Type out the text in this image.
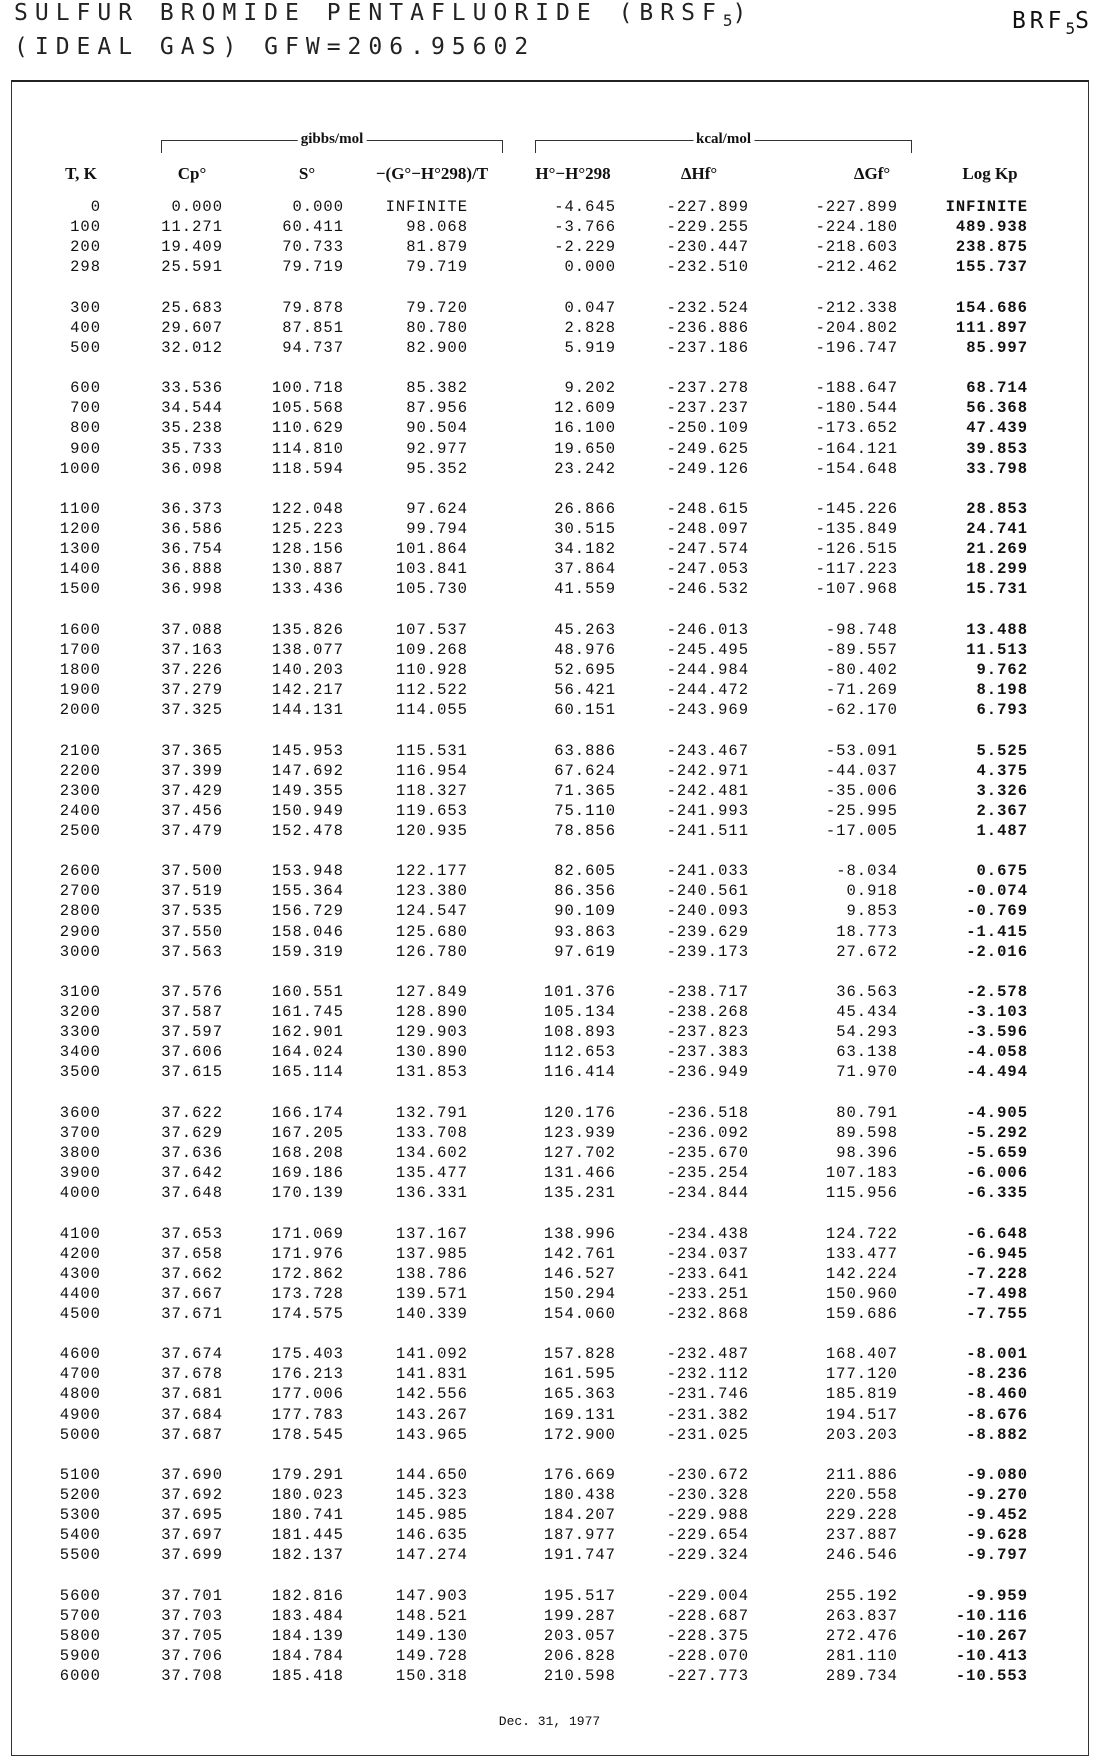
SULFUR BROMIDE PENTAFLUORIDE $(BRSF_5)$
(IDEAL GAS) GFW=206.95602
$BRF_5S$
gibbs/mol	kcal/mol
T, K	Cp°	S°	−(G°−H°298)/T	H°−H°298	ΔHf°	ΔGf°	Log Kp
0	0.000	0.000	INFINITE	-4.645	-227.899	-227.899	INFINITE
100	11.271	60.411	98.068	-3.766	-229.255	-224.180	489.938
200	19.409	70.733	81.879	-2.229	-230.447	-218.603	238.875
298	25.591	79.719	79.719	0.000	-232.510	-212.462	155.737
300	25.683	79.878	79.720	0.047	-232.524	-212.338	154.686
400	29.607	87.851	80.780	2.828	-236.886	-204.802	111.897
500	32.012	94.737	82.900	5.919	-237.186	-196.747	85.997
600	33.536	100.718	85.382	9.202	-237.278	-188.647	68.714
700	34.544	105.568	87.956	12.609	-237.237	-180.544	56.368
800	35.238	110.629	90.504	16.100	-250.109	-173.652	47.439
900	35.733	114.810	92.977	19.650	-249.625	-164.121	39.853
1000	36.098	118.594	95.352	23.242	-249.126	-154.648	33.798
1100	36.373	122.048	97.624	26.866	-248.615	-145.226	28.853
1200	36.586	125.223	99.794	30.515	-248.097	-135.849	24.741
1300	36.754	128.156	101.864	34.182	-247.574	-126.515	21.269
1400	36.888	130.887	103.841	37.864	-247.053	-117.223	18.299
1500	36.998	133.436	105.730	41.559	-246.532	-107.968	15.731
1600	37.088	135.826	107.537	45.263	-246.013	-98.748	13.488
1700	37.163	138.077	109.268	48.976	-245.495	-89.557	11.513
1800	37.226	140.203	110.928	52.695	-244.984	-80.402	9.762
1900	37.279	142.217	112.522	56.421	-244.472	-71.269	8.198
2000	37.325	144.131	114.055	60.151	-243.969	-62.170	6.793
2100	37.365	145.953	115.531	63.886	-243.467	-53.091	5.525
2200	37.399	147.692	116.954	67.624	-242.971	-44.037	4.375
2300	37.429	149.355	118.327	71.365	-242.481	-35.006	3.326
2400	37.456	150.949	119.653	75.110	-241.993	-25.995	2.367
2500	37.479	152.478	120.935	78.856	-241.511	-17.005	1.487
2600	37.500	153.948	122.177	82.605	-241.033	-8.034	0.675
2700	37.519	155.364	123.380	86.356	-240.561	0.918	-0.074
2800	37.535	156.729	124.547	90.109	-240.093	9.853	-0.769
2900	37.550	158.046	125.680	93.863	-239.629	18.773	-1.415
3000	37.563	159.319	126.780	97.619	-239.173	27.672	-2.016
3100	37.576	160.551	127.849	101.376	-238.717	36.563	-2.578
3200	37.587	161.745	128.890	105.134	-238.268	45.434	-3.103
3300	37.597	162.901	129.903	108.893	-237.823	54.293	-3.596
3400	37.606	164.024	130.890	112.653	-237.383	63.138	-4.058
3500	37.615	165.114	131.853	116.414	-236.949	71.970	-4.494
3600	37.622	166.174	132.791	120.176	-236.518	80.791	-4.905
3700	37.629	167.205	133.708	123.939	-236.092	89.598	-5.292
3800	37.636	168.208	134.602	127.702	-235.670	98.396	-5.659
3900	37.642	169.186	135.477	131.466	-235.254	107.183	-6.006
4000	37.648	170.139	136.331	135.231	-234.844	115.956	-6.335
4100	37.653	171.069	137.167	138.996	-234.438	124.722	-6.648
4200	37.658	171.976	137.985	142.761	-234.037	133.477	-6.945
4300	37.662	172.862	138.786	146.527	-233.641	142.224	-7.228
4400	37.667	173.728	139.571	150.294	-233.251	150.960	-7.498
4500	37.671	174.575	140.339	154.060	-232.868	159.686	-7.755
4600	37.674	175.403	141.092	157.828	-232.487	168.407	-8.001
4700	37.678	176.213	141.831	161.595	-232.112	177.120	-8.236
4800	37.681	177.006	142.556	165.363	-231.746	185.819	-8.460
4900	37.684	177.783	143.267	169.131	-231.382	194.517	-8.676
5000	37.687	178.545	143.965	172.900	-231.025	203.203	-8.882
5100	37.690	179.291	144.650	176.669	-230.672	211.886	-9.080
5200	37.692	180.023	145.323	180.438	-230.328	220.558	-9.270
5300	37.695	180.741	145.985	184.207	-229.988	229.228	-9.452
5400	37.697	181.445	146.635	187.977	-229.654	237.887	-9.628
5500	37.699	182.137	147.274	191.747	-229.324	246.546	-9.797
5600	37.701	182.816	147.903	195.517	-229.004	255.192	-9.959
5700	37.703	183.484	148.521	199.287	-228.687	263.837	-10.116
5800	37.705	184.139	149.130	203.057	-228.375	272.476	-10.267
5900	37.706	184.784	149.728	206.828	-228.070	281.110	-10.413
6000	37.708	185.418	150.318	210.598	-227.773	289.734	-10.553
Dec. 31, 1977
